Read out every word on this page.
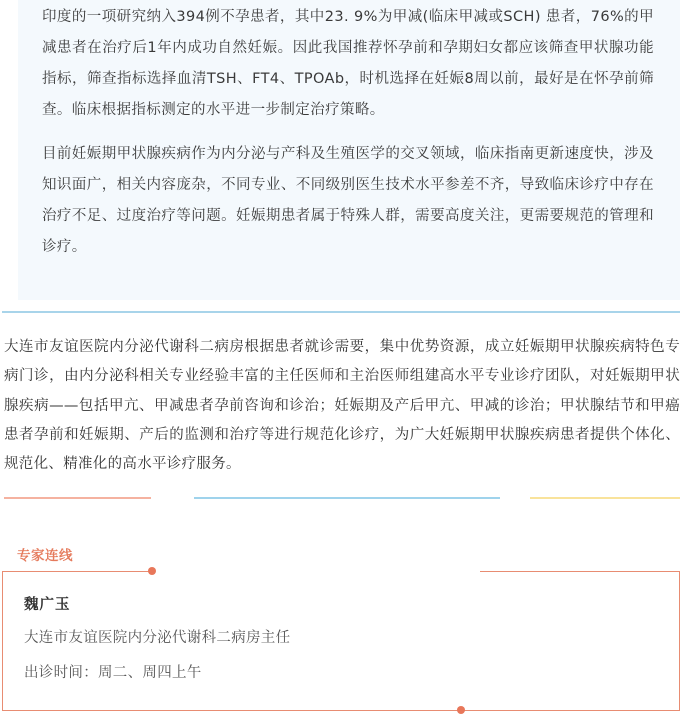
印度的一项研究纳入394例不孕患者，其中23. 9%为甲减(临床甲减或SCH) 患者，76%的甲减患者在治疗后1年内成功自然妊娠。因此我国推荐怀孕前和孕期妇女都应该筛查甲状腺功能指标，筛查指标选择血清TSH、FT4、TPOAb，时机选择在妊娠8周以前，最好是在怀孕前筛查。临床根据指标测定的水平进一步制定治疗策略。

目前妊娠期甲状腺疾病作为内分泌与产科及生殖医学的交叉领域，临床指南更新速度快，涉及知识面广，相关内容庞杂，不同专业、不同级别医生技术水平参差不齐，导致临床诊疗中存在治疗不足、过度治疗等问题。妊娠期患者属于特殊人群，需要高度关注，更需要规范的管理和诊疗。

大连市友谊医院内分泌代谢科二病房根据患者就诊需要，集中优势资源，成立妊娠期甲状腺疾病特色专病门诊，由内分泌科相关专业经验丰富的主任医师和主治医师组建高水平专业诊疗团队，对妊娠期甲状腺疾病——包括甲亢、甲减患者孕前咨询和诊治；妊娠期及产后甲亢、甲减的诊治；甲状腺结节和甲癌患者孕前和妊娠期、产后的监测和治疗等进行规范化诊疗，为广大妊娠期甲状腺疾病患者提供个体化、规范化、精准化的高水平诊疗服务。

专家连线

魏广玉

大连市友谊医院内分泌代谢科二病房主任

出诊时间：周二、周四上午
